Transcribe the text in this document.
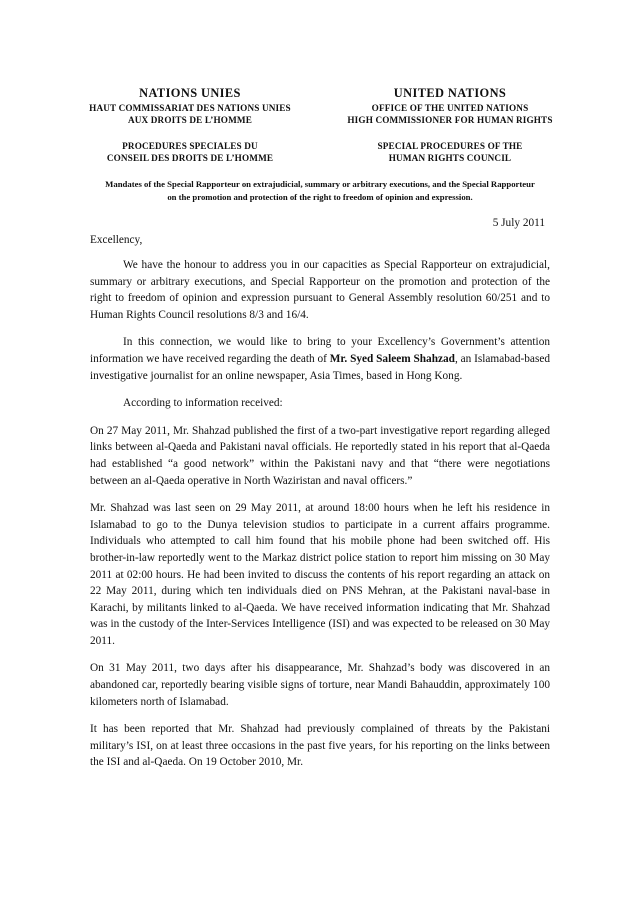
NATIONS UNIES
HAUT COMMISSARIAT DES NATIONS UNIES
AUX DROITS DE L’HOMME
PROCEDURES SPECIALES DU
CONSEIL DES DROITS DE L’HOMME
UNITED NATIONS
OFFICE OF THE UNITED NATIONS
HIGH COMMISSIONER FOR HUMAN RIGHTS
SPECIAL PROCEDURES OF THE
HUMAN RIGHTS COUNCIL
Mandates of the Special Rapporteur on extrajudicial, summary or arbitrary executions, and the Special Rapporteur on the promotion and protection of the right to freedom of opinion and expression.
5 July 2011
Excellency,

We have the honour to address you in our capacities as Special Rapporteur on extrajudicial, summary or arbitrary executions, and Special Rapporteur on the promotion and protection of the right to freedom of opinion and expression pursuant to General Assembly resolution 60/251 and to Human Rights Council resolutions 8/3 and 16/4.

In this connection, we would like to bring to your Excellency’s Government’s attention information we have received regarding the death of Mr. Syed Saleem Shahzad, an Islamabad-based investigative journalist for an online newspaper, Asia Times, based in Hong Kong.

According to information received:

On 27 May 2011, Mr. Shahzad published the first of a two-part investigative report regarding alleged links between al-Qaeda and Pakistani naval officials. He reportedly stated in his report that al-Qaeda had established “a good network” within the Pakistani navy and that “there were negotiations between an al-Qaeda operative in North Waziristan and naval officers.”

Mr. Shahzad was last seen on 29 May 2011, at around 18:00 hours when he left his residence in Islamabad to go to the Dunya television studios to participate in a current affairs programme. Individuals who attempted to call him found that his mobile phone had been switched off. His brother-in-law reportedly went to the Markaz district police station to report him missing on 30 May 2011 at 02:00 hours. He had been invited to discuss the contents of his report regarding an attack on 22 May 2011, during which ten individuals died on PNS Mehran, at the Pakistani naval-base in Karachi, by militants linked to al-Qaeda. We have received information indicating that Mr. Shahzad was in the custody of the Inter-Services Intelligence (ISI) and was expected to be released on 30 May 2011.

On 31 May 2011, two days after his disappearance, Mr. Shahzad’s body was discovered in an abandoned car, reportedly bearing visible signs of torture, near Mandi Bahauddin, approximately 100 kilometers north of Islamabad.

It has been reported that Mr. Shahzad had previously complained of threats by the Pakistani military’s ISI, on at least three occasions in the past five years, for his reporting on the links between the ISI and al-Qaeda. On 19 October 2010, Mr.
